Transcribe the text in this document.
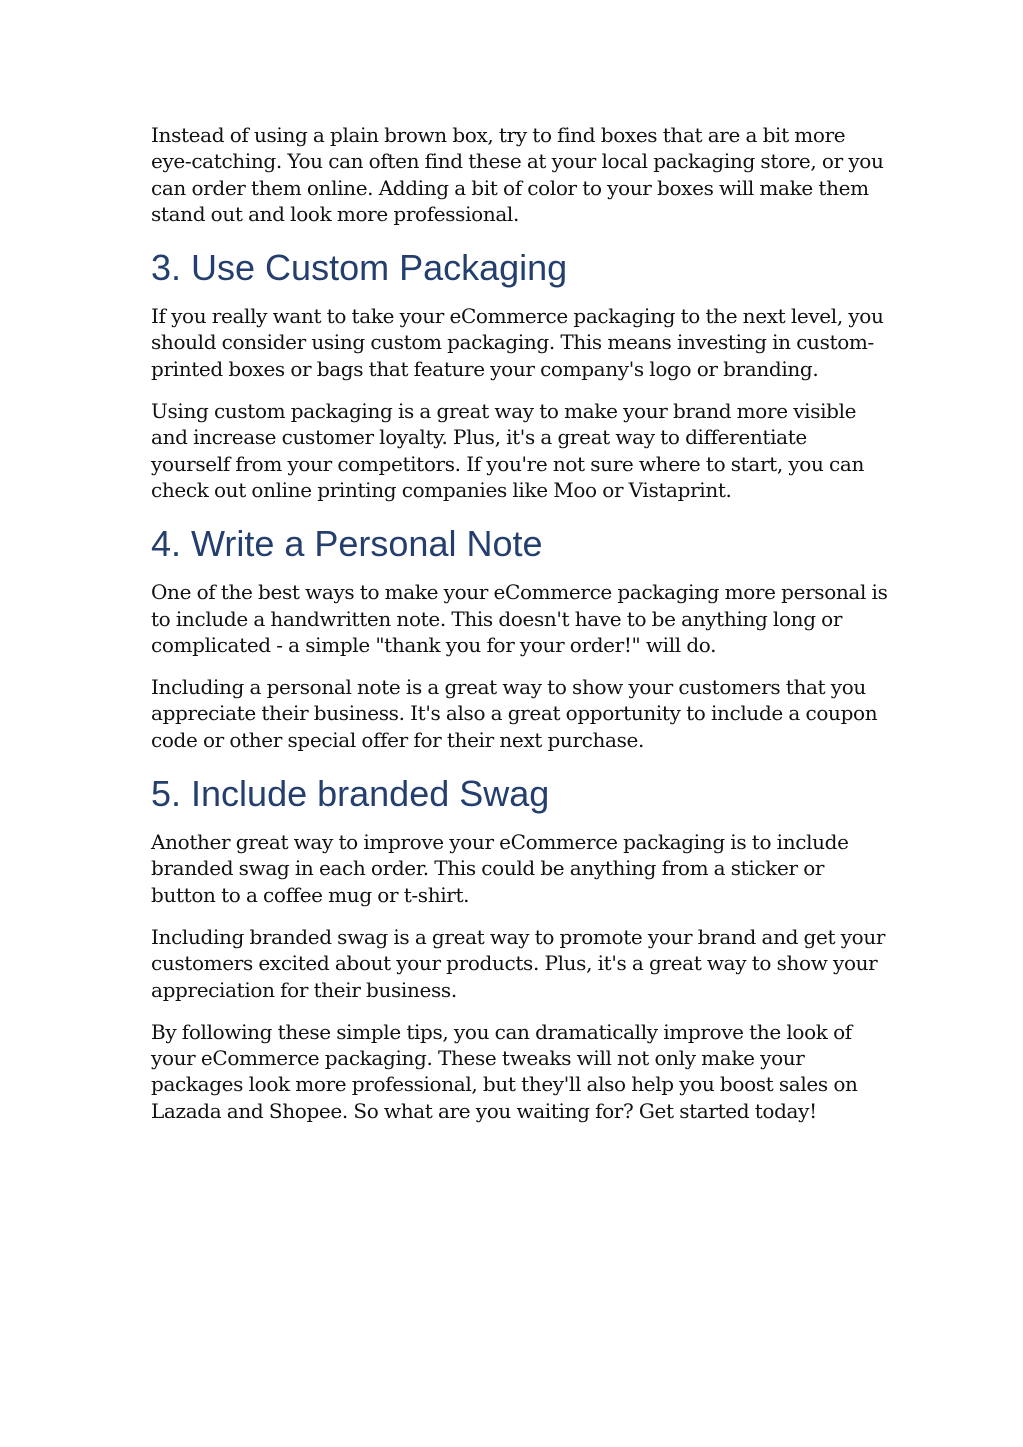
Instead of using a plain brown box, try to find boxes that are a bit more eye-catching. You can often find these at your local packaging store, or you can order them online. Adding a bit of color to your boxes will make them stand out and look more professional.

3. Use Custom Packaging

If you really want to take your eCommerce packaging to the next level, you should consider using custom packaging. This means investing in custom-printed boxes or bags that feature your company's logo or branding.

Using custom packaging is a great way to make your brand more visible and increase customer loyalty. Plus, it's a great way to differentiate yourself from your competitors. If you're not sure where to start, you can check out online printing companies like Moo or Vistaprint.

4. Write a Personal Note

One of the best ways to make your eCommerce packaging more personal is to include a handwritten note. This doesn't have to be anything long or complicated - a simple "thank you for your order!" will do.

Including a personal note is a great way to show your customers that you appreciate their business. It's also a great opportunity to include a coupon code or other special offer for their next purchase.

5. Include branded Swag

Another great way to improve your eCommerce packaging is to include branded swag in each order. This could be anything from a sticker or button to a coffee mug or t-shirt.

Including branded swag is a great way to promote your brand and get your customers excited about your products. Plus, it's a great way to show your appreciation for their business.

By following these simple tips, you can dramatically improve the look of your eCommerce packaging. These tweaks will not only make your packages look more professional, but they'll also help you boost sales on Lazada and Shopee. So what are you waiting for? Get started today!
